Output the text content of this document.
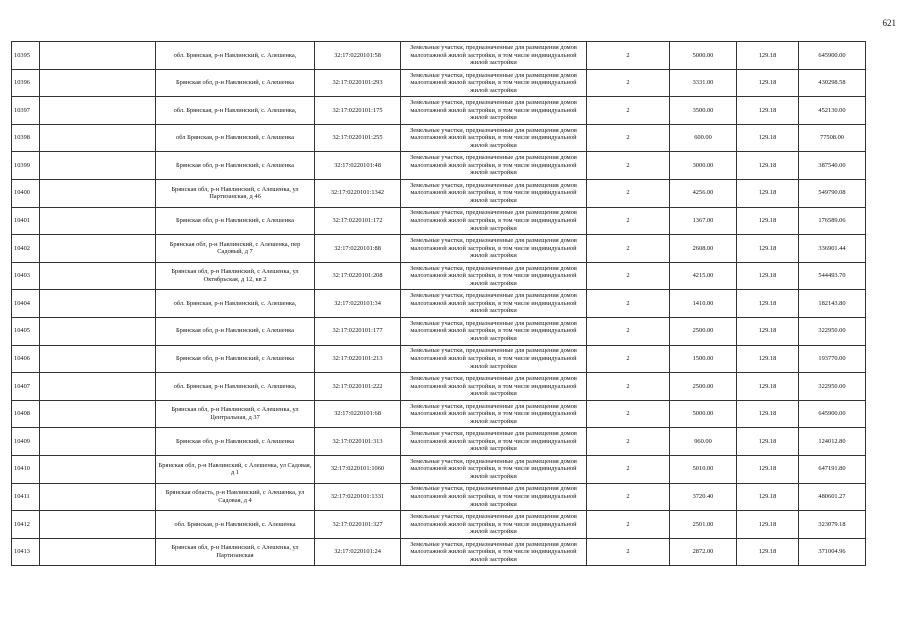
621
10395		обл. Брянская, р-н Навлинский, с. Алешенка,	32:17:0220101:58	Земельные участки, предназначенные для размещения домов малоэтажной жилой застройки, в том числе индивидуальной жилой застройки	2	5000.00	129.18	645900.00
10396		Брянская обл, р-н Навлинский, с Алешенка	32:17:0220101:293	Земельные участки, предназначенные для размещения домов малоэтажной жилой застройки, в том числе индивидуальной жилой застройки	2	3331.00	129.18	430298.58
10397		обл. Брянская, р-н Навлинский, с. Алешенка,	32:17:0220101:175	Земельные участки, предназначенные для размещения домов малоэтажной жилой застройки, в том числе индивидуальной жилой застройки	2	3500.00	129.18	452130.00
10398		обл Брянская, р-н Навлинский, с Алешенка	32:17:0220101:255	Земельные участки, предназначенные для размещения домов малоэтажной жилой застройки, в том числе индивидуальной жилой застройки	2	600.00	129.18	77508.00
10399		Брянская обл, р-н Навлинский, с Алешенка	32:17:0220101:48	Земельные участки, предназначенные для размещения домов малоэтажной жилой застройки, в том числе индивидуальной жилой застройки	2	3000.00	129.18	387540.00
10400		Брянская обл, р-н Навлинский, с Алешенка, ул Партизанская, д 46	32:17:0220101:1342	Земельные участки, предназначенные для размещения домов малоэтажной жилой застройки, в том числе индивидуальной жилой застройки	2	4256.00	129.18	549790.08
10401		Брянская обл, р-н Навлинский, с Алешенка	32:17:0220101:172	Земельные участки, предназначенные для размещения домов малоэтажной жилой застройки, в том числе индивидуальной жилой застройки	2	1367.00	129.18	176589.06
10402		Брянская обл, р-н Навлинский, с Алешенка, пер Садовый, д 7	32:17:0220101:88	Земельные участки, предназначенные для размещения домов малоэтажной жилой застройки, в том числе индивидуальной жилой застройки	2	2608.00	129.18	336901.44
10403		Брянская обл, р-н Навлинский, с Алешенка, ул Октябрьская, д 12, кв 2	32:17:0220101:208	Земельные участки, предназначенные для размещения домов малоэтажной жилой застройки, в том числе индивидуальной жилой застройки	2	4215.00	129.18	544493.70
10404		обл. Брянская, р-н Навлинский, с. Алешенка,	32:17:0220101:34	Земельные участки, предназначенные для размещения домов малоэтажной жилой застройки, в том числе индивидуальной жилой застройки	2	1410.00	129.18	182143.80
10405		Брянская обл, р-н Навлинский, с Алешенка	32:17:0220101:177	Земельные участки, предназначенные для размещения домов малоэтажной жилой застройки, в том числе индивидуальной жилой застройки	2	2500.00	129.18	322950.00
10406		Брянская обл, р-н Навлинский, с Алешенка	32:17:0220101:213	Земельные участки, предназначенные для размещения домов малоэтажной жилой застройки, в том числе индивидуальной жилой застройки	2	1500.00	129.18	193770.00
10407		обл. Брянская, р-н Навлинский, с. Алешенка,	32:17:0220101:222	Земельные участки, предназначенные для размещения домов малоэтажной жилой застройки, в том числе индивидуальной жилой застройки	2	2500.00	129.18	322950.00
10408		Брянская обл, р-н Навлинский, с Алешенка, ул Центральная, д 37	32:17:0220101:68	Земельные участки, предназначенные для размещения домов малоэтажной жилой застройки, в том числе индивидуальной жилой застройки	2	5000.00	129.18	645900.00
10409		Брянская обл, р-н Навлинский, с Алешенка	32:17:0220101:313	Земельные участки, предназначенные для размещения домов малоэтажной жилой застройки, в том числе индивидуальной жилой застройки	2	960.00	129.18	124012.80
10410		Брянская обл, р-н Навлинский, с Алешенка, ул Садовая, д 1	32:17:0220101:1060	Земельные участки, предназначенные для размещения домов малоэтажной жилой застройки, в том числе индивидуальной жилой застройки	2	5010.00	129.18	647191.80
10411		Брянская область, р-н Навлинский, с Алешенка, ул Садовая, д 4	32:17:0220101:1331	Земельные участки, предназначенные для размещения домов малоэтажной жилой застройки, в том числе индивидуальной жилой застройки	2	3720.40	129.18	480601.27
10412		обл. Брянская, р-н Навлинский, с. Алешенка	32:17:0220101:327	Земельные участки, предназначенные для размещения домов малоэтажной жилой застройки, в том числе индивидуальной жилой застройки	2	2501.00	129.18	323079.18
10413		Брянская обл, р-н Навлинский, с Алешенка, ул Партизанская	32:17:0220101:24	Земельные участки, предназначенные для размещения домов малоэтажной жилой застройки, в том числе индивидуальной жилой застройки	2	2872.00	129.18	371004.96
